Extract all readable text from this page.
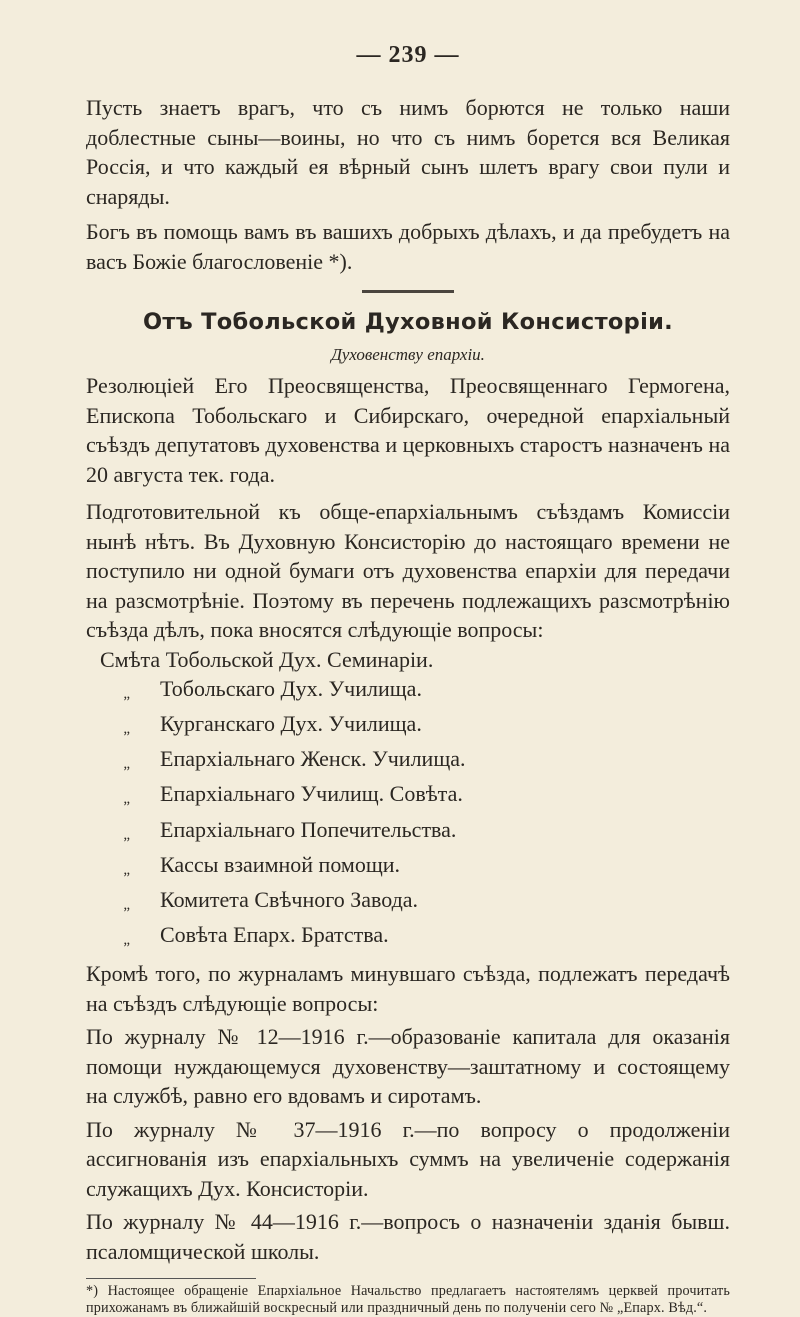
— 239 —

Пусть знаетъ врагъ, что съ нимъ борются не только наши доблестные сыны—воины, но что съ нимъ борется вся Великая Россія, и что каждый ея вѣрный сынъ шлетъ врагу свои пули и снаряды.

Богъ въ помощь вамъ въ вашихъ добрыхъ дѣлахъ, и да пребудетъ на васъ Божіе благословеніе *).

Отъ Тобольской Духовной Консисторіи.
Духовенству епархіи.

Резолюціей Его Преосвященства, Преосвященнаго Гермогена, Епископа Тобольскаго и Сибирскаго, очередной епархіальный съѣздъ депутатовъ духовенства и церковныхъ старостъ назначенъ на 20 августа тек. года.

Подготовительной къ обще-епархіальнымъ съѣздамъ Комиссіи нынѣ нѣтъ. Въ Духовную Консисторію до настоящаго времени не поступило ни одной бумаги отъ духовенства епархіи для передачи на разсмотрѣніе. Поэтому въ перечень подлежащихъ разсмотрѣнію съѣзда дѣлъ, пока вносятся слѣдующіе вопросы:

Смѣта Тобольской Дух. Семинаріи.
„	Тобольскаго Дух. Училища.
„	Курганскаго Дух. Училища.
„	Епархіальнаго Женск. Училища.
„	Епархіальнаго Училищ. Совѣта.
„	Епархіальнаго Попечительства.
„	Кассы взаимной помощи.
„	Комитета Свѣчного Завода.
„	Совѣта Епарх. Братства.

Кромѣ того, по журналамъ минувшаго съѣзда, подлежатъ передачѣ на съѣздъ слѣдующіе вопросы:

По журналу № 12—1916 г.—образованіе капитала для оказанія помощи нуждающемуся духовенству—заштатному и состоящему на службѣ, равно его вдовамъ и сиротамъ.

По журналу № 37—1916 г.—по вопросу о продолженіи ассигнованія изъ епархіальныхъ суммъ на увеличеніе содержанія служащихъ Дух. Консисторіи.

По журналу № 44—1916 г.—вопросъ о назначеніи зданія бывш. псаломщической школы.

*) Настоящее обращеніе Епархіальное Начальство предлагаетъ настоятелямъ церквей прочитать прихожанамъ въ ближайшій воскресный или праздничный день по полученіи сего № „Епарх. Вѣд.“.
